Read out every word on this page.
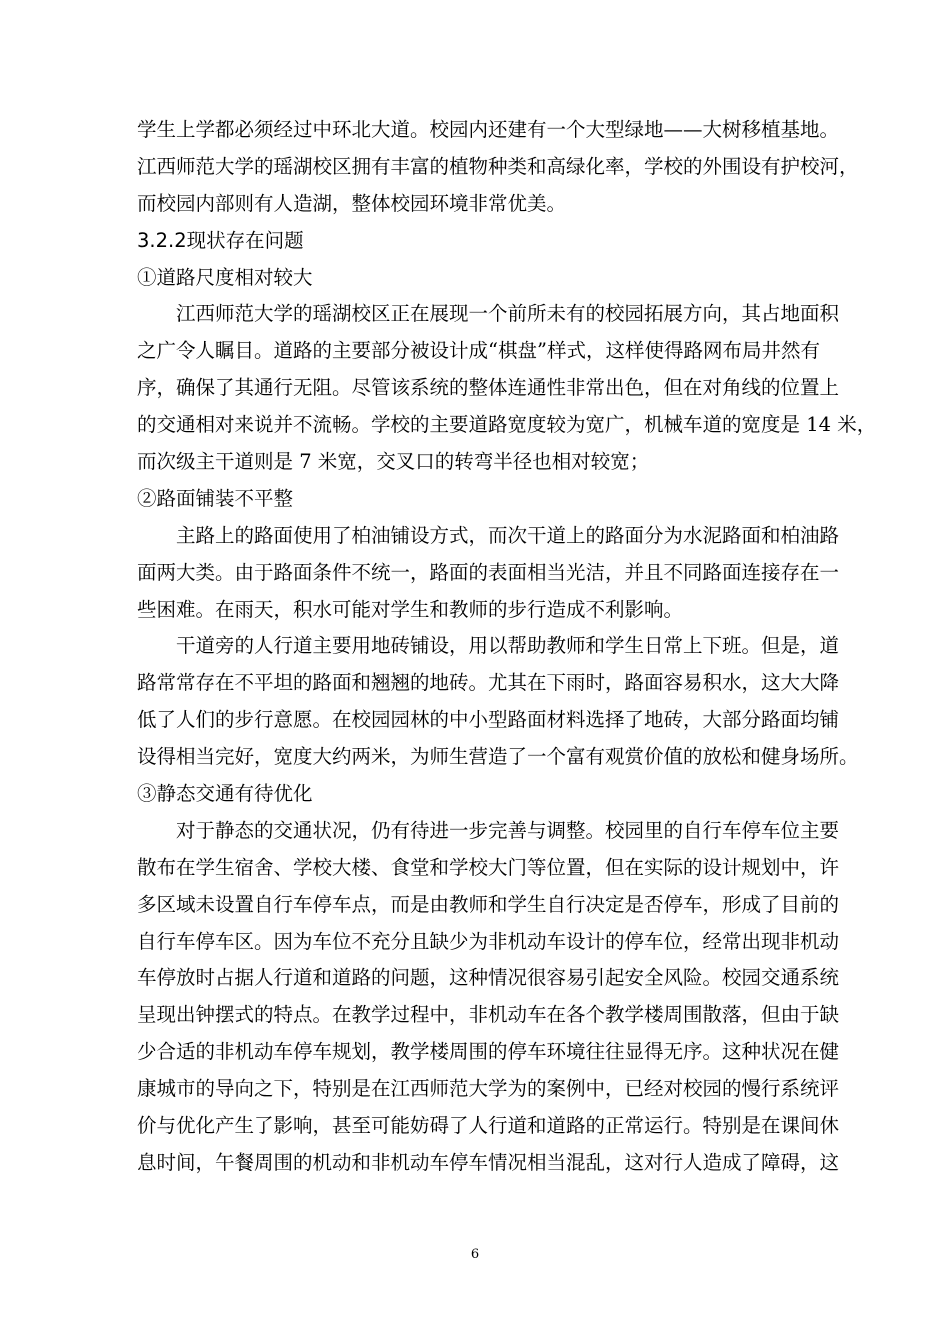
学生上学都必须经过中环北大道。校园内还建有一个大型绿地——大树移植基地。
江西师范大学的瑶湖校区拥有丰富的植物种类和高绿化率，学校的外围设有护校河，
而校园内部则有人造湖，整体校园环境非常优美。
3.2.2现状存在问题
①道路尺度相对较大
江西师范大学的瑶湖校区正在展现一个前所未有的校园拓展方向，其占地面积
之广令人瞩目。道路的主要部分被设计成“棋盘”样式，这样使得路网布局井然有
序，确保了其通行无阻。尽管该系统的整体连通性非常出色，但在对角线的位置上
的交通相对来说并不流畅。学校的主要道路宽度较为宽广，机械车道的宽度是 14 米，
而次级主干道则是 7 米宽，交叉口的转弯半径也相对较宽；
②路面铺装不平整
主路上的路面使用了柏油铺设方式，而次干道上的路面分为水泥路面和柏油路
面两大类。由于路面条件不统一，路面的表面相当光洁，并且不同路面连接存在一
些困难。在雨天，积水可能对学生和教师的步行造成不利影响。
干道旁的人行道主要用地砖铺设，用以帮助教师和学生日常上下班。但是，道
路常常存在不平坦的路面和翘翘的地砖。尤其在下雨时，路面容易积水，这大大降
低了人们的步行意愿。在校园园林的中小型路面材料选择了地砖，大部分路面均铺
设得相当完好，宽度大约两米，为师生营造了一个富有观赏价值的放松和健身场所。
③静态交通有待优化
对于静态的交通状况，仍有待进一步完善与调整。校园里的自行车停车位主要
散布在学生宿舍、学校大楼、食堂和学校大门等位置，但在实际的设计规划中，许
多区域未设置自行车停车点，而是由教师和学生自行决定是否停车，形成了目前的
自行车停车区。因为车位不充分且缺少为非机动车设计的停车位，经常出现非机动
车停放时占据人行道和道路的问题，这种情况很容易引起安全风险。校园交通系统
呈现出钟摆式的特点。在教学过程中，非机动车在各个教学楼周围散落，但由于缺
少合适的非机动车停车规划，教学楼周围的停车环境往往显得无序。这种状况在健
康城市的导向之下，特别是在江西师范大学为的案例中，已经对校园的慢行系统评
价与优化产生了影响，甚至可能妨碍了人行道和道路的正常运行。特别是在课间休
息时间，午餐周围的机动和非机动车停车情况相当混乱，这对行人造成了障碍，这
6
